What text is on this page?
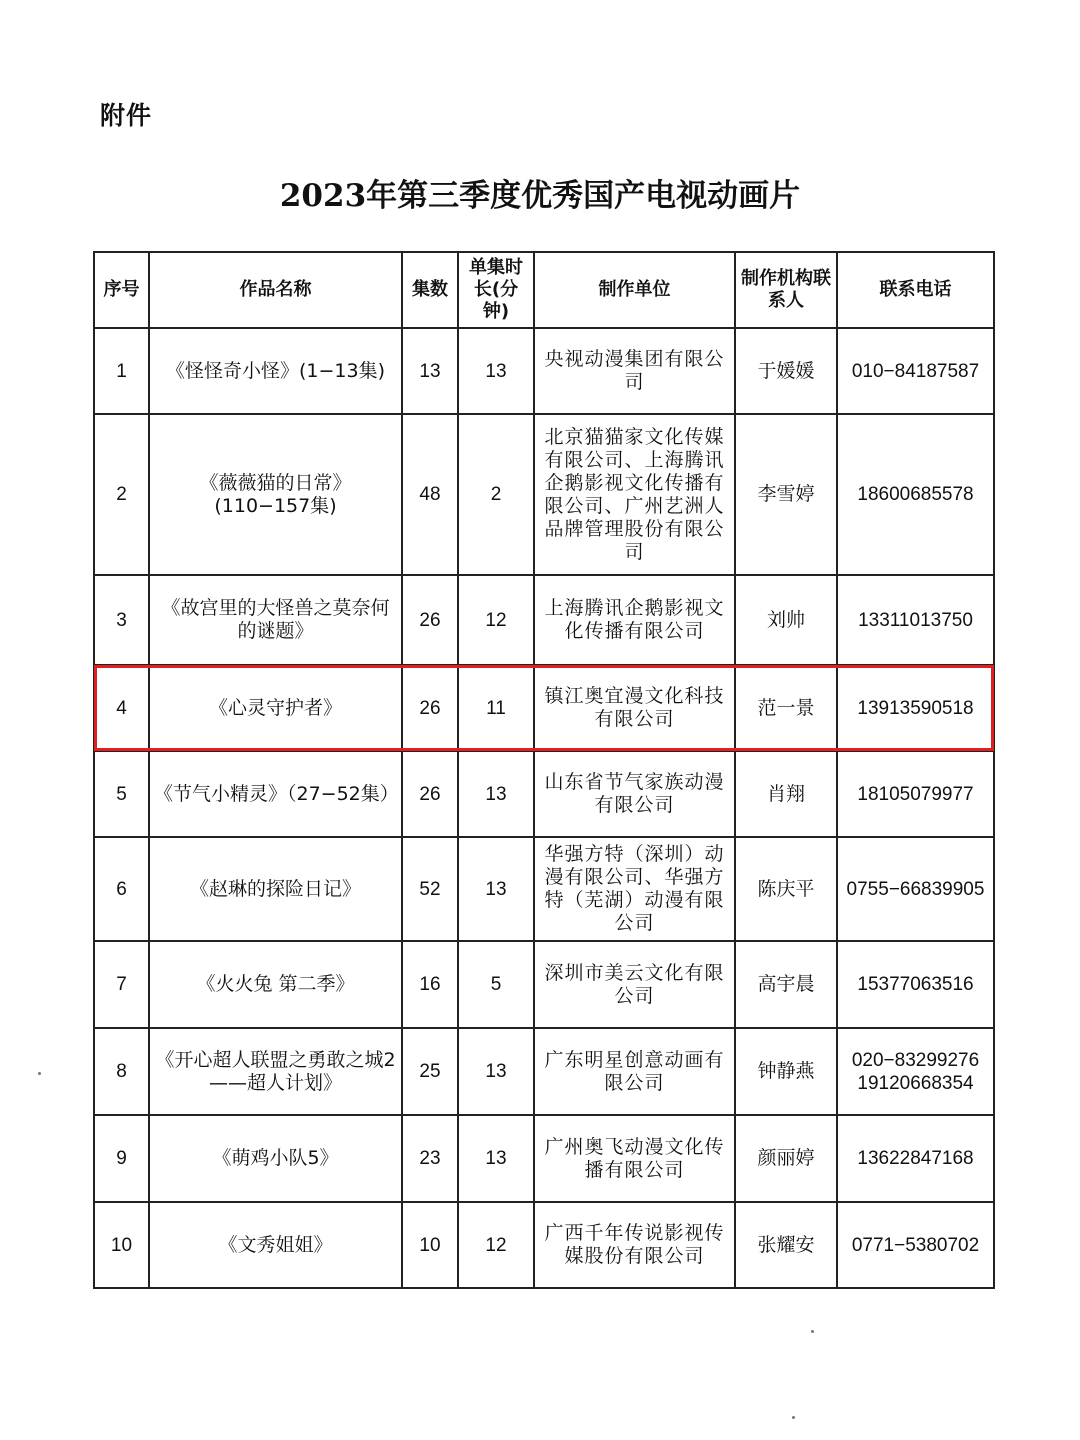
附件
2023年第三季度优秀国产电视动画片
序号	作品名称	集数	单集时长(分钟)	制作单位	制作机构联系人	联系电话
1	《怪怪奇小怪》(1−13集)	13	13	央视动漫集团有限公司	于媛媛	010−84187587
2	《薇薇猫的日常》(110−157集)	48	2	北京猫猫家文化传媒有限公司、上海腾讯企鹅影视文化传播有限公司、广州艺洲人品牌管理股份有限公司	李雪婷	18600685578
3	《故宫里的大怪兽之莫奈何的谜题》	26	12	上海腾讯企鹅影视文化传播有限公司	刘帅	13311013750
4	《心灵守护者》	26	11	镇江奥宜漫文化科技有限公司	范一景	13913590518
5	《节气小精灵》（27−52集）	26	13	山东省节气家族动漫有限公司	肖翔	18105079977
6	《赵琳的探险日记》	52	13	华强方特（深圳）动漫有限公司、华强方特（芜湖）动漫有限公司	陈庆平	0755−66839905
7	《火火兔 第二季》	16	5	深圳市美云文化有限公司	高宇晨	15377063516
8	《开心超人联盟之勇敢之城2——超人计划》	25	13	广东明星创意动画有限公司	钟静燕	020−83299276 19120668354
9	《萌鸡小队5》	23	13	广州奥飞动漫文化传播有限公司	颜丽婷	13622847168
10	《文秀姐姐》	10	12	广西千年传说影视传媒股份有限公司	张耀安	0771−5380702
